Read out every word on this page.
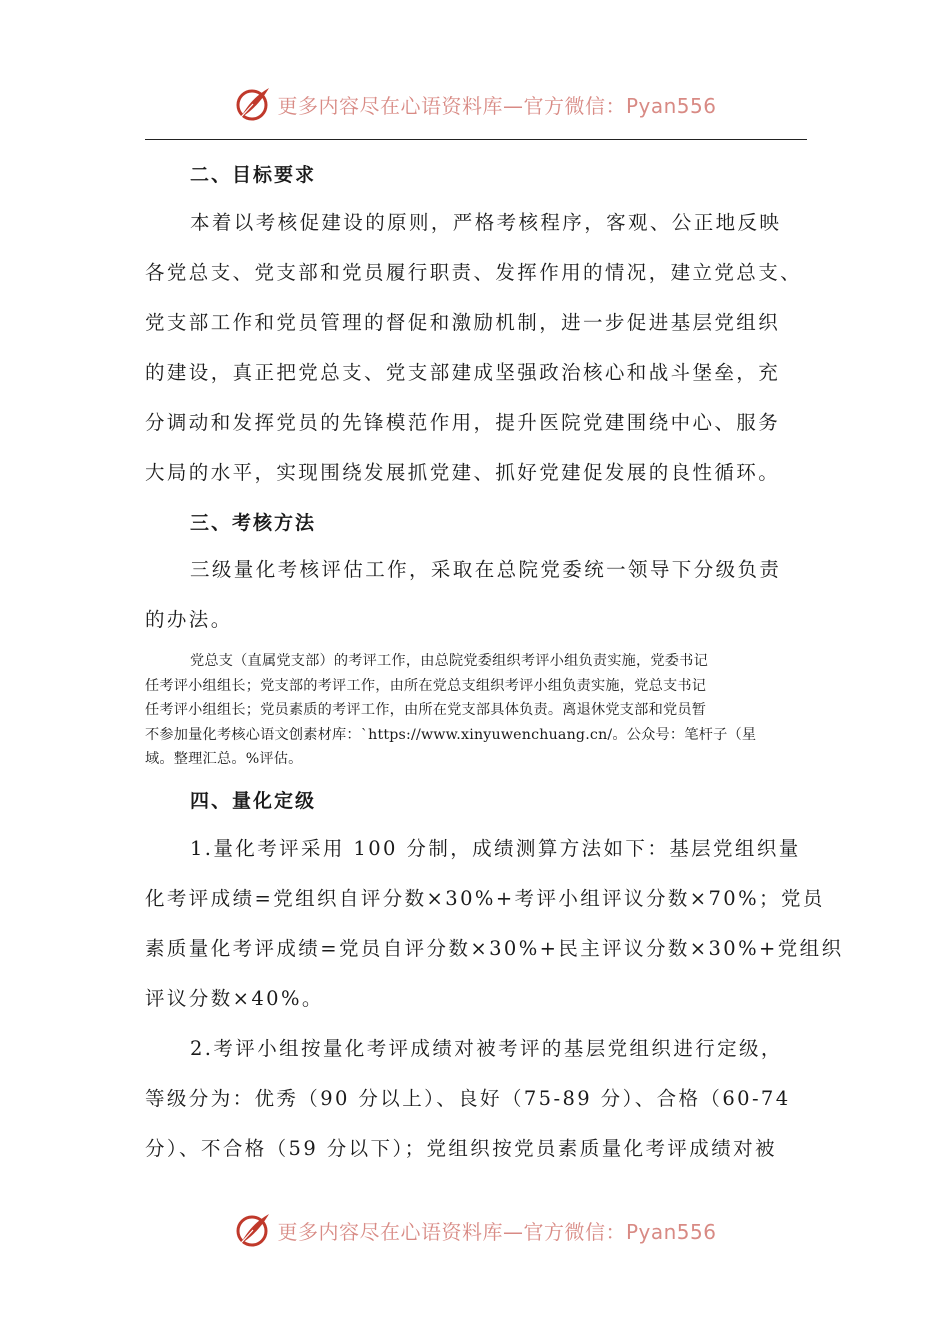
更多内容尽在心语资料库—官方微信：Pyan556
二、目标要求
本着以考核促建设的原则，严格考核程序，客观、公正地反映
各党总支、党支部和党员履行职责、发挥作用的情况，建立党总支、
党支部工作和党员管理的督促和激励机制，进一步促进基层党组织
的建设，真正把党总支、党支部建成坚强政治核心和战斗堡垒，充
分调动和发挥党员的先锋模范作用，提升医院党建围绕中心、服务
大局的水平，实现围绕发展抓党建、抓好党建促发展的良性循环。
三、考核方法
三级量化考核评估工作，采取在总院党委统一领导下分级负责
的办法。
党总支（直属党支部）的考评工作，由总院党委组织考评小组负责实施，党委书记
任考评小组组长；党支部的考评工作，由所在党总支组织考评小组负责实施，党总支书记
任考评小组组长；党员素质的考评工作，由所在党支部具体负责。离退休党支部和党员暂
不参加量化考核心语文创素材库：`https://www.xinyuwenchuang.cn/。公众号：笔杆子（星
域。整理汇总。%评估。
四、量化定级
1.量化考评采用 100 分制，成绩测算方法如下：基层党组织量
化考评成绩=党组织自评分数×30%+考评小组评议分数×70%；党员
素质量化考评成绩=党员自评分数×30%+民主评议分数×30%+党组织
评议分数×40%。
2.考评小组按量化考评成绩对被考评的基层党组织进行定级，
等级分为：优秀（90 分以上）、良好（75-89 分）、合格（60-74
分）、不合格（59 分以下）；党组织按党员素质量化考评成绩对被
更多内容尽在心语资料库—官方微信：Pyan556
